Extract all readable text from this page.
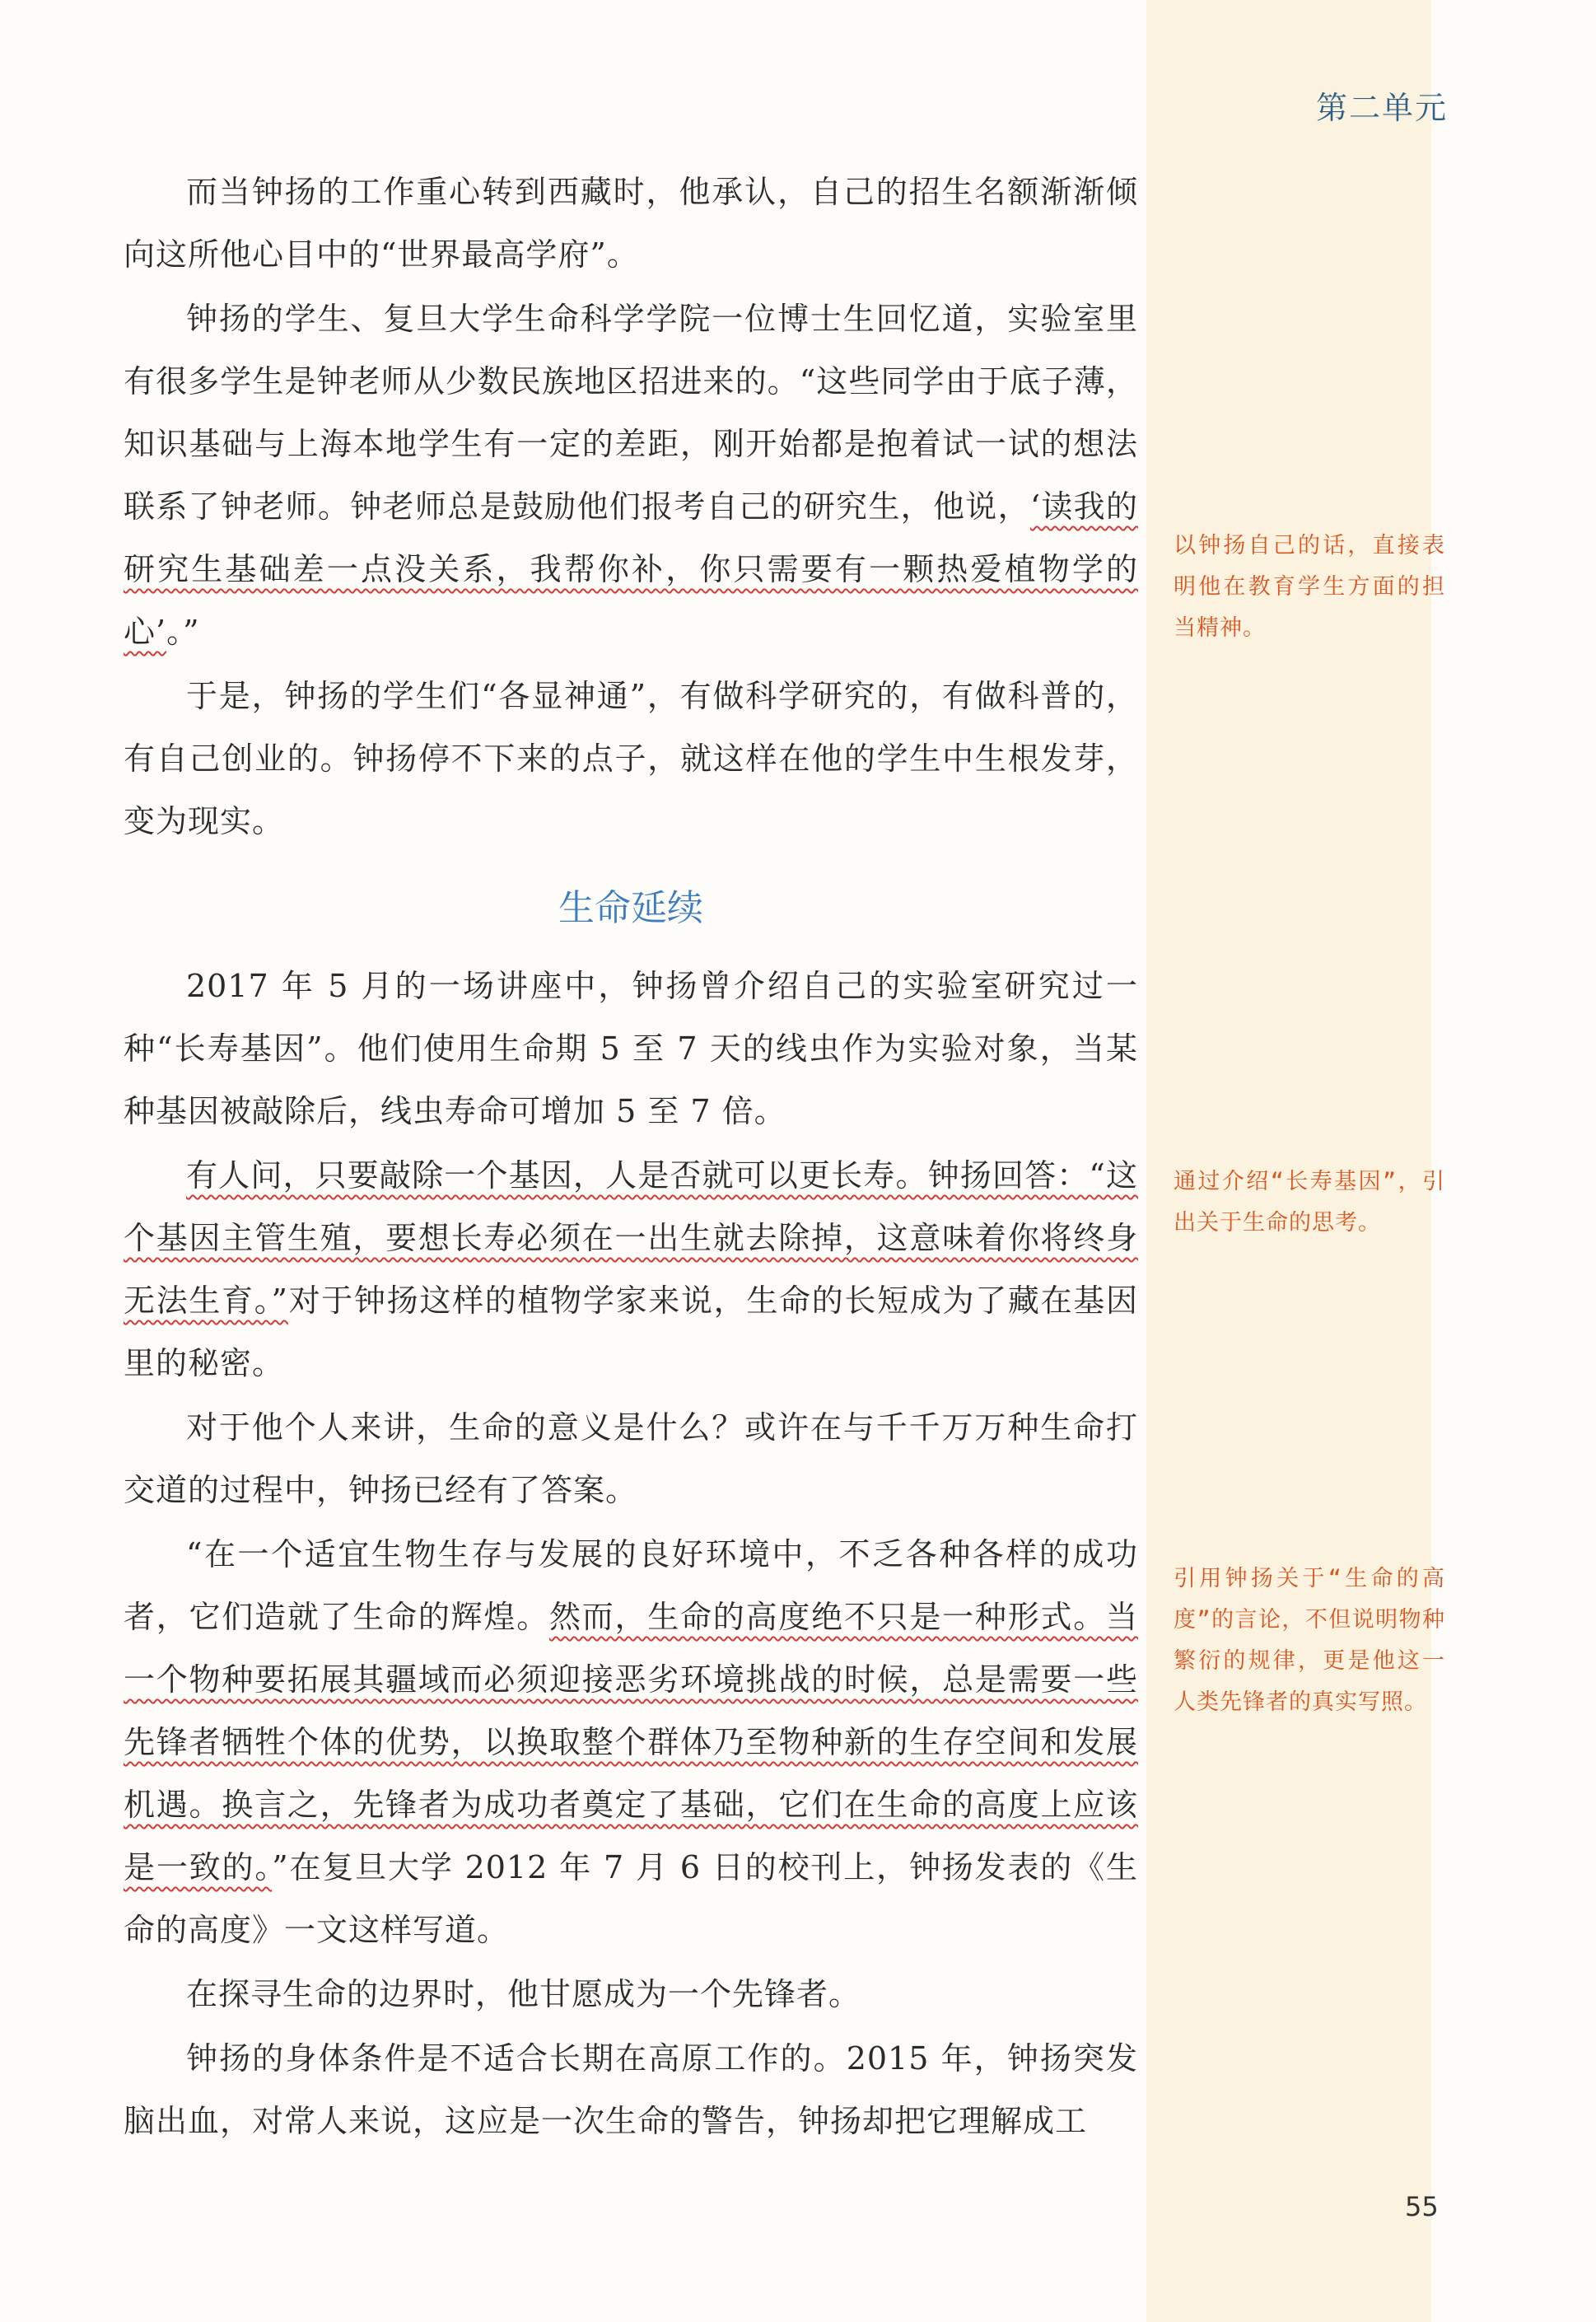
第二单元

而当钟扬的工作重心转到西藏时，他承认，自己的招生名额渐渐倾向这所他心目中的“世界最高学府”。

钟扬的学生、复旦大学生命科学学院一位博士生回忆道，实验室里有很多学生是钟老师从少数民族地区招进来的。“这些同学由于底子薄，知识基础与上海本地学生有一定的差距，刚开始都是抱着试一试的想法联系了钟老师。钟老师总是鼓励他们报考自己的研究生，他说，‘读我的研究生基础差一点没关系，我帮你补，你只需要有一颗热爱植物学的心’。”

于是，钟扬的学生们“各显神通”，有做科学研究的，有做科普的，有自己创业的。钟扬停不下来的点子，就这样在他的学生中生根发芽，变为现实。

生命延续

2017 年 5 月的一场讲座中，钟扬曾介绍自己的实验室研究过一种“长寿基因”。他们使用生命期 5 至 7 天的线虫作为实验对象，当某种基因被敲除后，线虫寿命可增加 5 至 7 倍。

有人问，只要敲除一个基因，人是否就可以更长寿。钟扬回答：“这个基因主管生殖，要想长寿必须在一出生就去除掉，这意味着你将终身无法生育。”对于钟扬这样的植物学家来说，生命的长短成为了藏在基因里的秘密。

对于他个人来讲，生命的意义是什么？或许在与千千万万种生命打交道的过程中，钟扬已经有了答案。

“在一个适宜生物生存与发展的良好环境中，不乏各种各样的成功者，它们造就了生命的辉煌。然而，生命的高度绝不只是一种形式。当一个物种要拓展其疆域而必须迎接恶劣环境挑战的时候，总是需要一些先锋者牺牲个体的优势，以换取整个群体乃至物种新的生存空间和发展机遇。换言之，先锋者为成功者奠定了基础，它们在生命的高度上应该是一致的。”在复旦大学 2012 年 7 月 6 日的校刊上，钟扬发表的《生命的高度》一文这样写道。

在探寻生命的边界时，他甘愿成为一个先锋者。

钟扬的身体条件是不适合长期在高原工作的。2015 年，钟扬突发脑出血，对常人来说，这应是一次生命的警告，钟扬却把它理解成工

以钟扬自己的话，直接表明他在教育学生方面的担当精神。
通过介绍“长寿基因”，引出关于生命的思考。
引用钟扬关于“生命的高度”的言论，不但说明物种繁衍的规律，更是他这一人类先锋者的真实写照。
55
